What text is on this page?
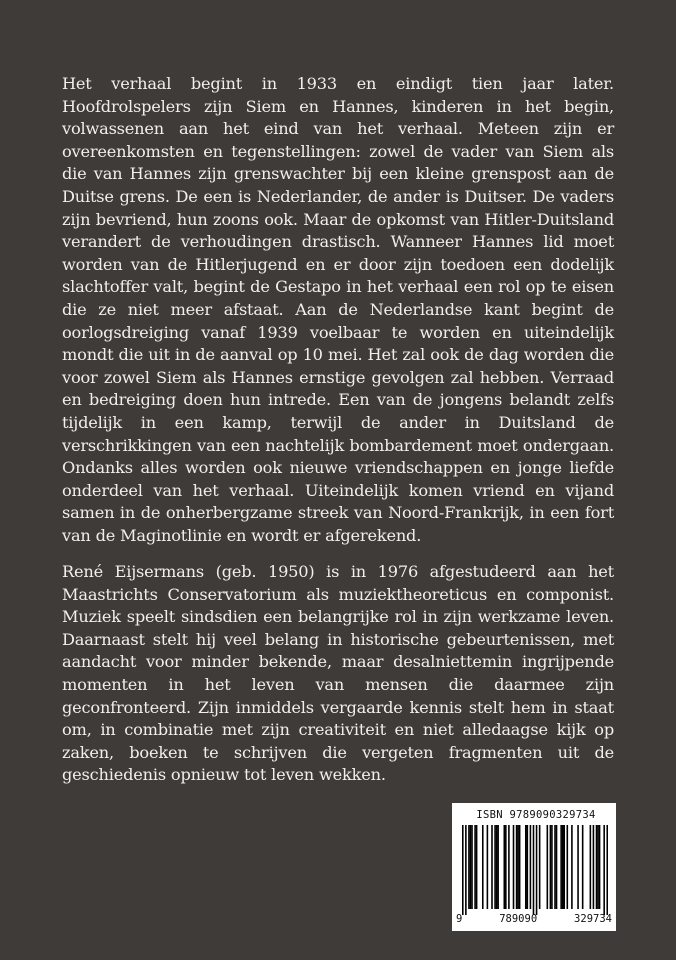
Het verhaal begint in 1933 en eindigt tien jaar later. Hoofdrolspelers zijn Siem en Hannes, kinderen in het begin, volwassenen aan het eind van het verhaal. Meteen zijn er overeenkomsten en tegenstellingen: zowel de vader van Siem als die van Hannes zijn grenswachter bij een kleine grenspost aan de Duitse grens. De een is Nederlander, de ander is Duitser. De vaders zijn bevriend, hun zoons ook. Maar de opkomst van Hitler-Duitsland verandert de verhoudingen drastisch. Wanneer Hannes lid moet worden van de Hitlerjugend en er door zijn toedoen een dodelijk slachtoffer valt, begint de Gestapo in het verhaal een rol op te eisen die ze niet meer afstaat. Aan de Nederlandse kant begint de oorlogsdreiging vanaf 1939 voelbaar te worden en uiteindelijk mondt die uit in de aanval op 10 mei. Het zal ook de dag worden die voor zowel Siem als Hannes ernstige gevolgen zal hebben. Verraad en bedreiging doen hun intrede. Een van de jongens belandt zelfs tijdelijk in een kamp, terwijl de ander in Duitsland de verschrikkingen van een nachtelijk bombardement moet ondergaan. Ondanks alles worden ook nieuwe vriendschappen en jonge liefde onderdeel van het verhaal. Uiteindelijk komen vriend en vijand samen in de onherbergzame streek van Noord-Frankrijk, in een fort van de Maginotlinie en wordt er afgerekend.

René Eijsermans (geb. 1950) is in 1976 afgestudeerd aan het Maastrichts Conservatorium als muziektheoreticus en componist. Muziek speelt sindsdien een belangrijke rol in zijn werkzame leven. Daarnaast stelt hij veel belang in historische gebeurtenissen, met aandacht voor minder bekende, maar desalniettemin ingrijpende momenten in het leven van mensen die daarmee zijn geconfronteerd. Zijn inmiddels vergaarde kennis stelt hem in staat om, in combinatie met zijn creativiteit en niet alledaagse kijk op zaken, boeken te schrijven die vergeten fragmenten uit de geschiedenis opnieuw tot leven wekken.

ISBN 9789090329734
9	789090	329734
